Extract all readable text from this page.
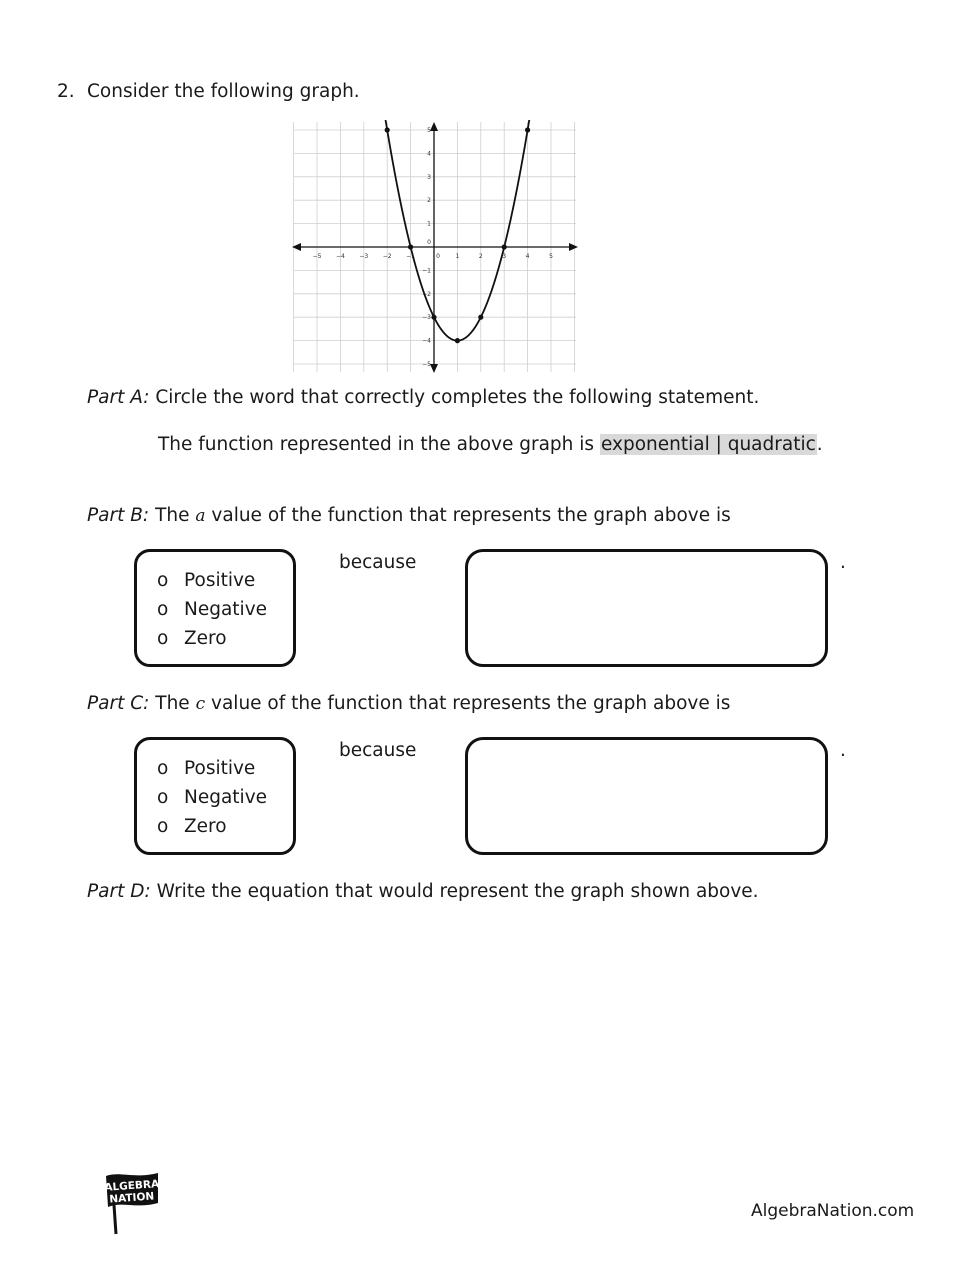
2. Consider the following graph.
−5 −4 −3 −2 −1	0	1	2	3	4	5
5
4
3
2
1
0
−1
−2
−3
−4
−5
Part A: Circle the word that correctly completes the following statement.
The function represented in the above graph is exponential | quadratic.
Part B: The a value of the function that represents the graph above is
o Positive
o Negative
o Zero
because	.
Part C: The c value of the function that represents the graph above is
o Positive
o Negative
o Zero
because	.
Part D: Write the equation that would represent the graph shown above.
ALGEBRA
NATION
AlgebraNation.com
